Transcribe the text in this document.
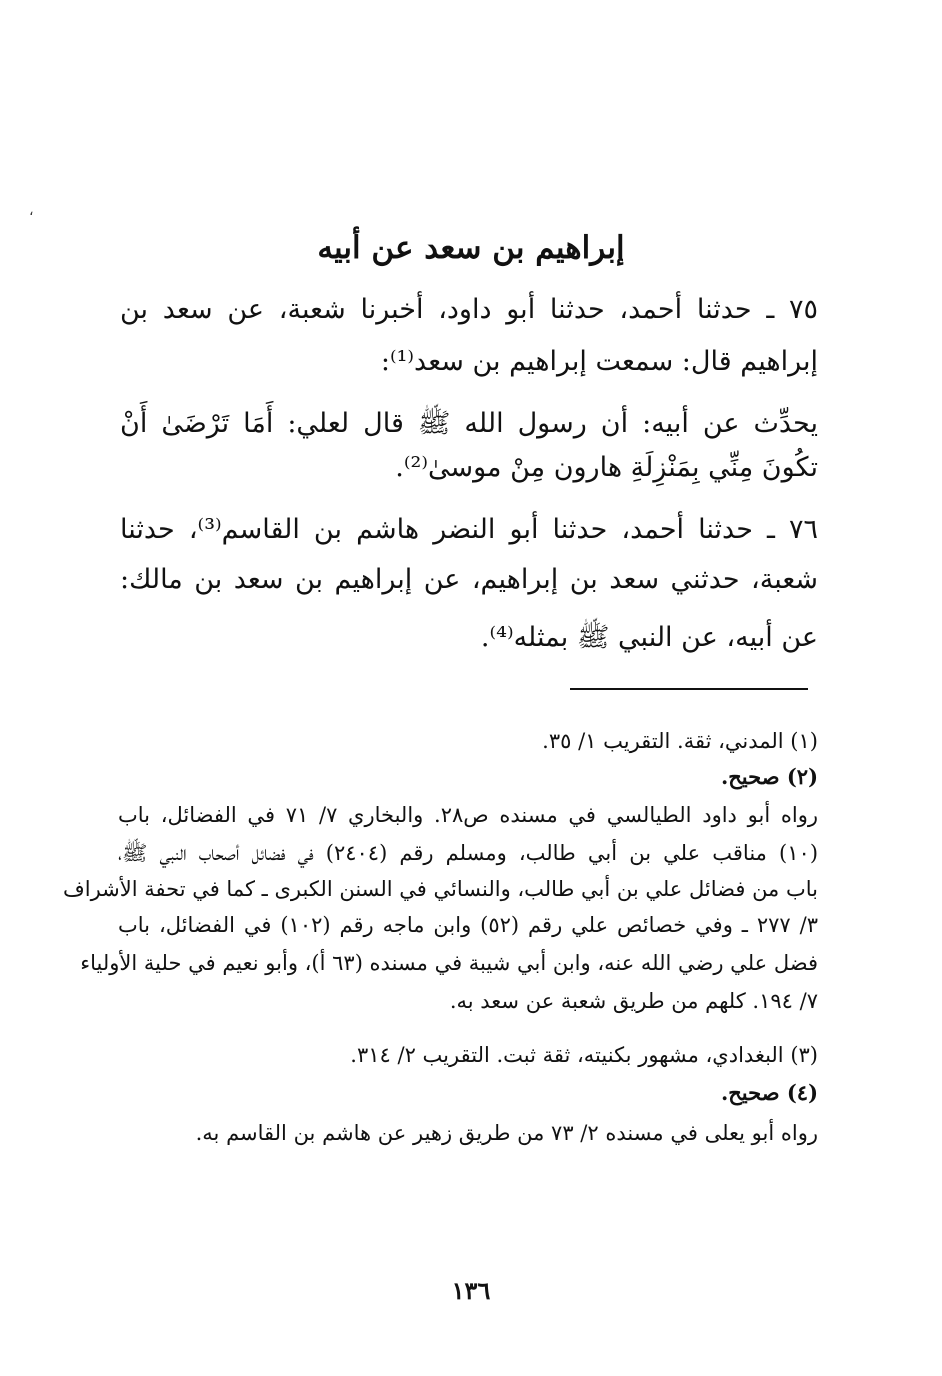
،
إبراهيم بن سعد عن أبيه
٧٥ ـ حدثنا أحمد، حدثنا أبو داود، أخبرنا شعبة، عن سعد بن
إبراهيم قال: سمعت إبراهيم بن سعد⁽¹⁾:
يحدِّث عن أبيه: أن رسول الله ﷺ قال لعلي: أَمَا تَرْضَىٰ أَنْ
تكُونَ مِنِّي بِمَنْزِلَةِ هارون مِنْ موسىٰ⁽²⁾.
٧٦ ـ حدثنا أحمد، حدثنا أبو النضر هاشم بن القاسم⁽³⁾، حدثنا
شعبة، حدثني سعد بن إبراهيم، عن إبراهيم بن سعد بن مالك:
عن أبيه، عن النبي ﷺ بمثله⁽⁴⁾.
(١) المدني، ثقة. التقريب ١/ ٣٥.
(٢) صحيح.
رواه أبو داود الطيالسي في مسنده ص٢٨. والبخاري ٧/ ٧١ في الفضائل، باب
(١٠) مناقب علي بن أبي طالب، ومسلم رقم (٢٤٠٤) في فضائل أصحاب النبي ﷺ،
باب من فضائل علي بن أبي طالب، والنسائي في السنن الكبرى ـ كما في تحفة الأشراف
٣/ ٢٧٧ ـ وفي خصائص علي رقم (٥٢) وابن ماجه رقم (١٠٢) في الفضائل، باب
فضل علي رضي الله عنه، وابن أبي شيبة في مسنده (٦٣ أ)، وأبو نعيم في حلية الأولياء
٧/ ١٩٤. كلهم من طريق شعبة عن سعد به.
(٣) البغدادي، مشهور بكنيته، ثقة ثبت. التقريب ٢/ ٣١٤.
(٤) صحيح.
رواه أبو يعلى في مسنده ٢/ ٧٣ من طريق زهير عن هاشم بن القاسم به.
١٣٦
